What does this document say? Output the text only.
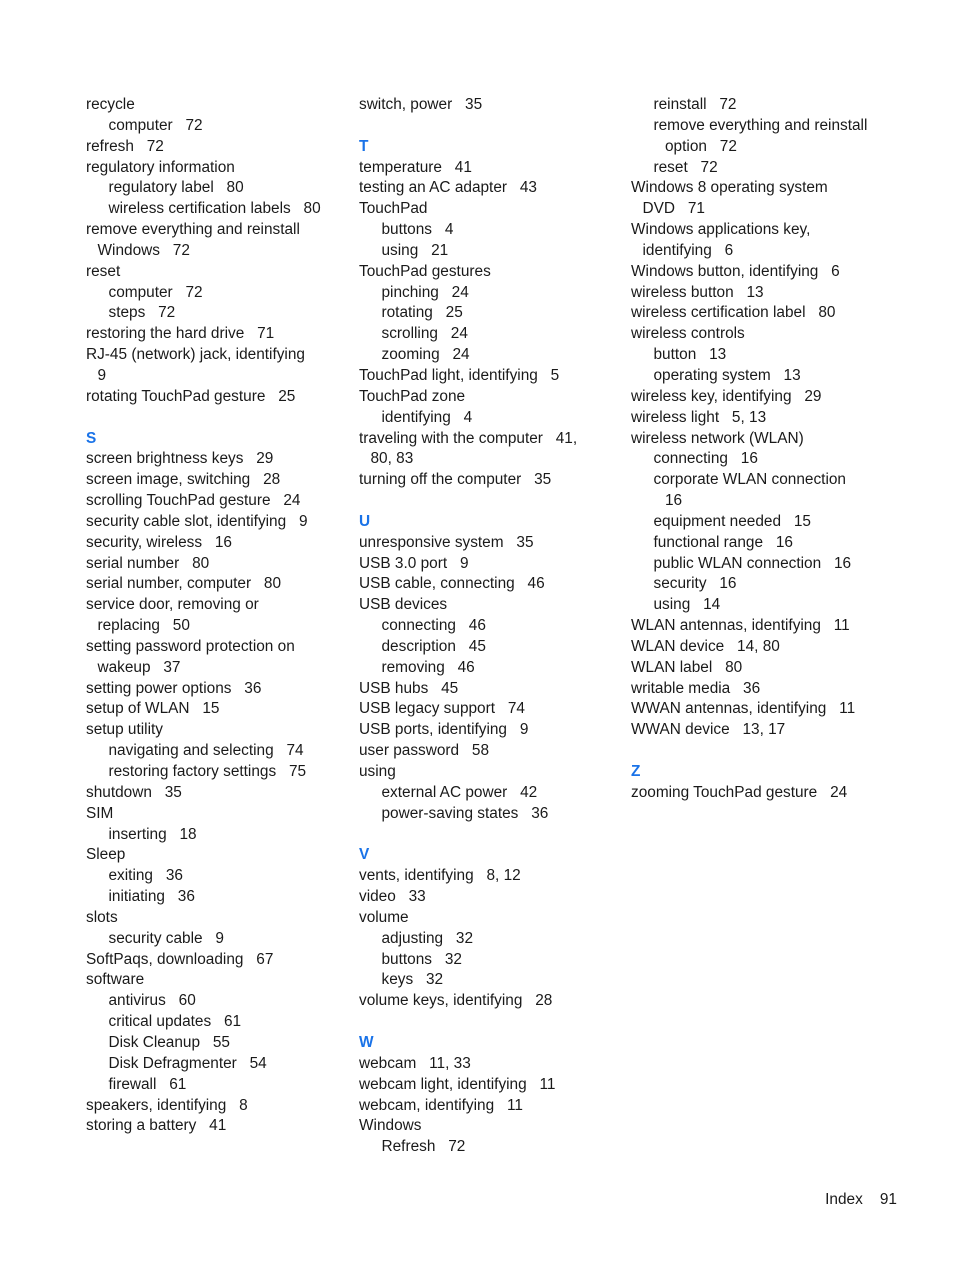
recycle
computer   72
refresh   72
regulatory information
regulatory label   80
wireless certification labels   80
remove everything and reinstall
Windows   72
reset
computer   72
steps   72
restoring the hard drive   71
RJ-45 (network) jack, identifying
9
rotating TouchPad gesture   25
S
screen brightness keys   29
screen image, switching   28
scrolling TouchPad gesture   24
security cable slot, identifying   9
security, wireless   16
serial number   80
serial number, computer   80
service door, removing or
replacing   50
setting password protection on
wakeup   37
setting power options   36
setup of WLAN   15
setup utility
navigating and selecting   74
restoring factory settings   75
shutdown   35
SIM
inserting   18
Sleep
exiting   36
initiating   36
slots
security cable   9
SoftPaqs, downloading   67
software
antivirus   60
critical updates   61
Disk Cleanup   55
Disk Defragmenter   54
firewall   61
speakers, identifying   8
storing a battery   41
switch, power   35
T
temperature   41
testing an AC adapter   43
TouchPad
buttons   4
using   21
TouchPad gestures
pinching   24
rotating   25
scrolling   24
zooming   24
TouchPad light, identifying   5
TouchPad zone
identifying   4
traveling with the computer   41,
80, 83
turning off the computer   35
U
unresponsive system   35
USB 3.0 port   9
USB cable, connecting   46
USB devices
connecting   46
description   45
removing   46
USB hubs   45
USB legacy support   74
USB ports, identifying   9
user password   58
using
external AC power   42
power-saving states   36
V
vents, identifying   8, 12
video   33
volume
adjusting   32
buttons   32
keys   32
volume keys, identifying   28
W
webcam   11, 33
webcam light, identifying   11
webcam, identifying   11
Windows
Refresh   72
reinstall   72
remove everything and reinstall
option   72
reset   72
Windows 8 operating system
DVD   71
Windows applications key,
identifying   6
Windows button, identifying   6
wireless button   13
wireless certification label   80
wireless controls
button   13
operating system   13
wireless key, identifying   29
wireless light   5, 13
wireless network (WLAN)
connecting   16
corporate WLAN connection
16
equipment needed   15
functional range   16
public WLAN connection   16
security   16
using   14
WLAN antennas, identifying   11
WLAN device   14, 80
WLAN label   80
writable media   36
WWAN antennas, identifying   11
WWAN device   13, 17
Z
zooming TouchPad gesture   24
Index 91
